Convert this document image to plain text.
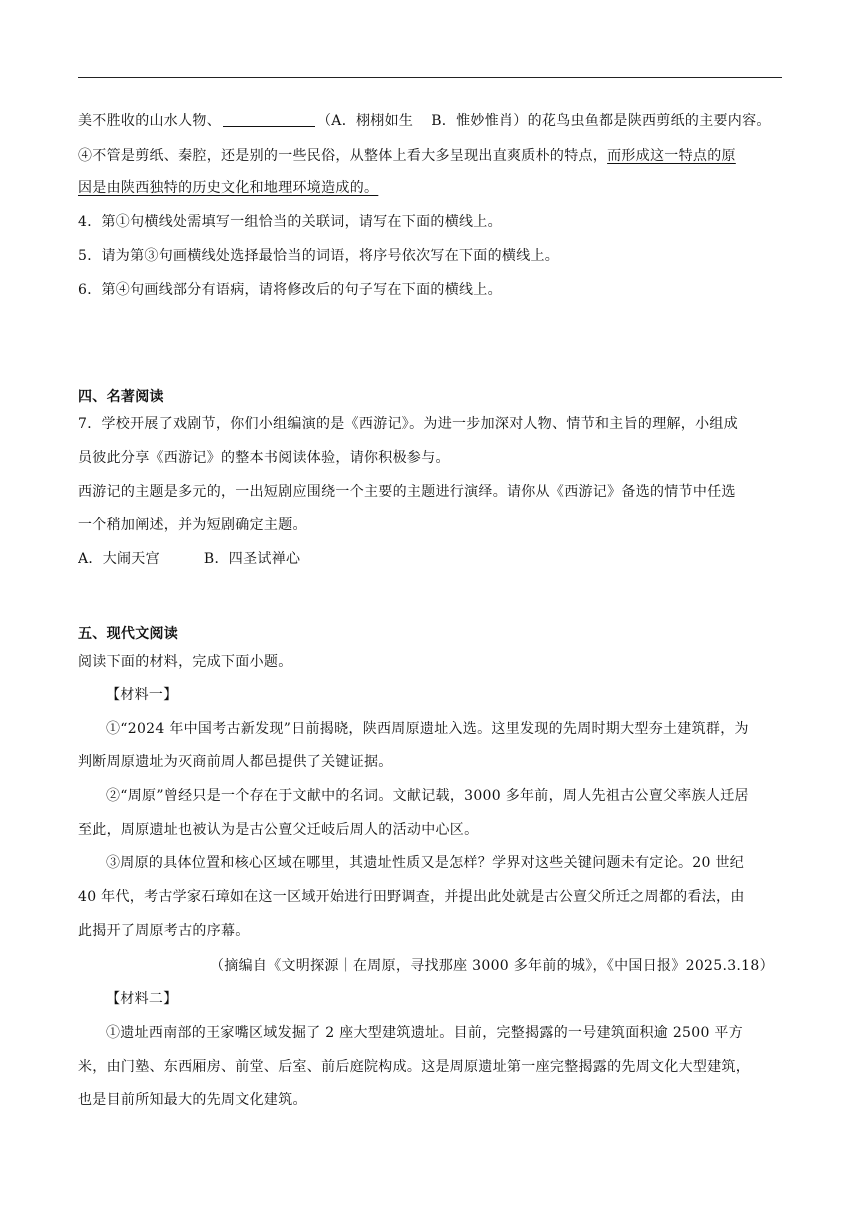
美不胜收的山水人物、	（A．栩栩如生 B．惟妙惟肖）的花鸟虫鱼都是陕西剪纸的主要内容。
④不管是剪纸、秦腔，还是别的一些民俗，从整体上看大多呈现出直爽质朴的特点，而形成这一特点的原
因是由陕西独特的历史文化和地理环境造成的。
4．第①句横线处需填写一组恰当的关联词，请写在下面的横线上。
5．请为第③句画横线处选择最恰当的词语，将序号依次写在下面的横线上。
6．第④句画线部分有语病，请将修改后的句子写在下面的横线上。
四、名著阅读
7．学校开展了戏剧节，你们小组编演的是《西游记》。为进一步加深对人物、情节和主旨的理解，小组成
员彼此分享《西游记》的整本书阅读体验，请你积极参与。
西游记的主题是多元的，一出短剧应围绕一个主要的主题进行演绎。请你从《西游记》备选的情节中任选
一个稍加阐述，并为短剧确定主题。
A．大闹天宫	B．四圣试禅心
五、现代文阅读
阅读下面的材料，完成下面小题。
【材料一】
①“2024 年中国考古新发现”日前揭晓，陕西周原遗址入选。这里发现的先周时期大型夯土建筑群，为
判断周原遗址为灭商前周人都邑提供了关键证据。
②“周原”曾经只是一个存在于文献中的名词。文献记载，3000 多年前，周人先祖古公亶父率族人迁居
至此，周原遗址也被认为是古公亶父迁岐后周人的活动中心区。
③周原的具体位置和核心区域在哪里，其遗址性质又是怎样？学界对这些关键问题未有定论。20 世纪
40 年代，考古学家石璋如在这一区域开始进行田野调查，并提出此处就是古公亶父所迁之周都的看法，由
此揭开了周原考古的序幕。
（摘编自《文明探源｜在周原，寻找那座 3000 多年前的城》，《中国日报》2025.3.18）
【材料二】
①遗址西南部的王家嘴区域发掘了 2 座大型建筑遗址。目前，完整揭露的一号建筑面积逾 2500 平方
米，由门塾、东西厢房、前堂、后室、前后庭院构成。这是周原遗址第一座完整揭露的先周文化大型建筑，
也是目前所知最大的先周文化建筑。
